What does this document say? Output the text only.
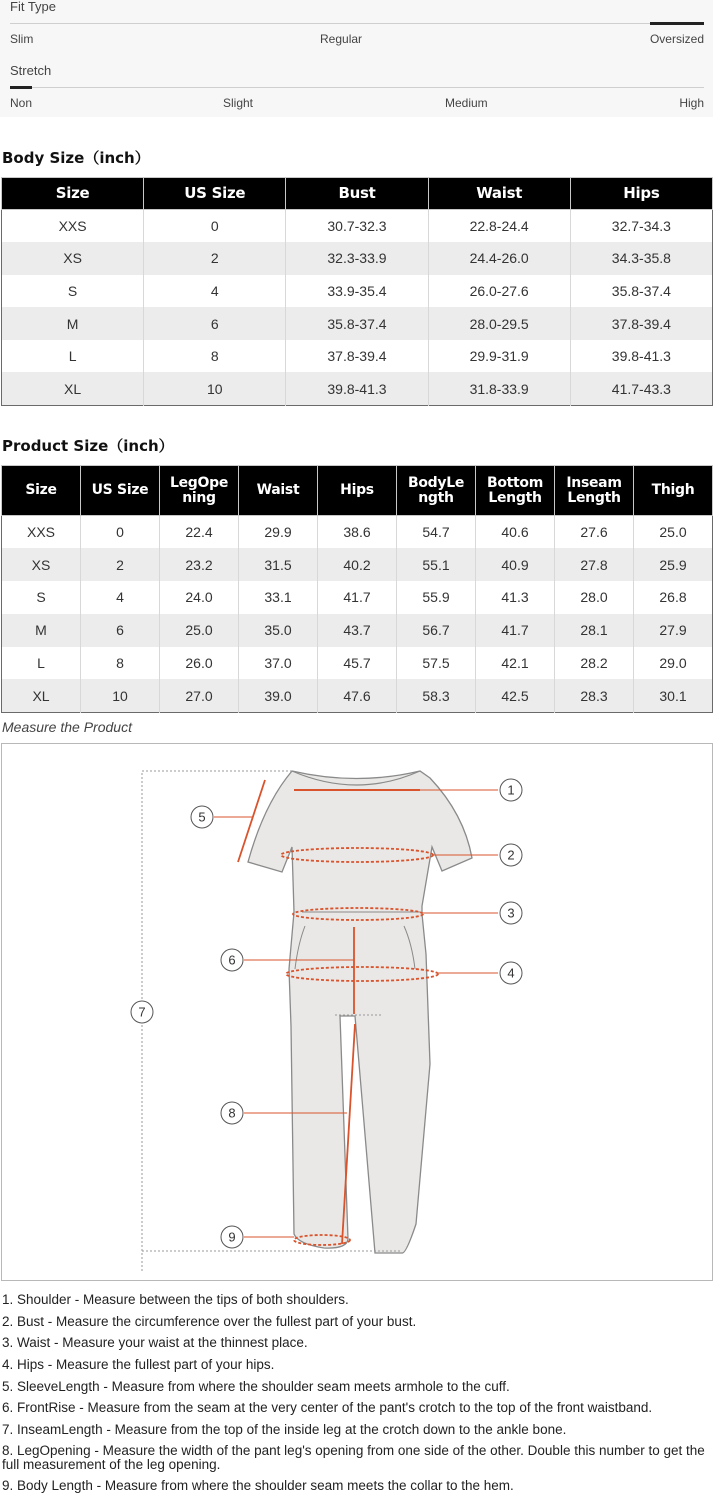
Fit Type
Slim	Regular	Oversized
Stretch
Non	Slight	Medium	High
Body Size（inch）
Size	US Size	Bust	Waist	Hips
XXS	0	30.7-32.3	22.8-24.4	32.7-34.3
XS	2	32.3-33.9	24.4-26.0	34.3-35.8
S	4	33.9-35.4	26.0-27.6	35.8-37.4
M	6	35.8-37.4	28.0-29.5	37.8-39.4
L	8	37.8-39.4	29.9-31.9	39.8-41.3
XL	10	39.8-41.3	31.8-33.9	41.7-43.3
Product Size（inch）
Size	US Size	LegOpe ning	Waist	Hips	BodyLe ngth	Bottom Length	Inseam Length	Thigh
XXS	0	22.4	29.9	38.6	54.7	40.6	27.6	25.0
XS	2	23.2	31.5	40.2	55.1	40.9	27.8	25.9
S	4	24.0	33.1	41.7	55.9	41.3	28.0	26.8
M	6	25.0	35.0	43.7	56.7	41.7	28.1	27.9
L	8	26.0	37.0	45.7	57.5	42.1	28.2	29.0
XL	10	27.0	39.0	47.6	58.3	42.5	28.3	30.1
Measure the Product
1
2
3
4
5
6
7
8
9
1. Shoulder - Measure between the tips of both shoulders.
2. Bust - Measure the circumference over the fullest part of your bust.
3. Waist - Measure your waist at the thinnest place.
4. Hips - Measure the fullest part of your hips.
5. SleeveLength - Measure from where the shoulder seam meets armhole to the cuff.
6. FrontRise - Measure from the seam at the very center of the pant's crotch to the top of the front waistband.
7. InseamLength - Measure from the top of the inside leg at the crotch down to the ankle bone.
8. LegOpening - Measure the width of the pant leg's opening from one side of the other. Double this number to get the full measurement of the leg opening.
9. Body Length - Measure from where the shoulder seam meets the collar to the hem.
